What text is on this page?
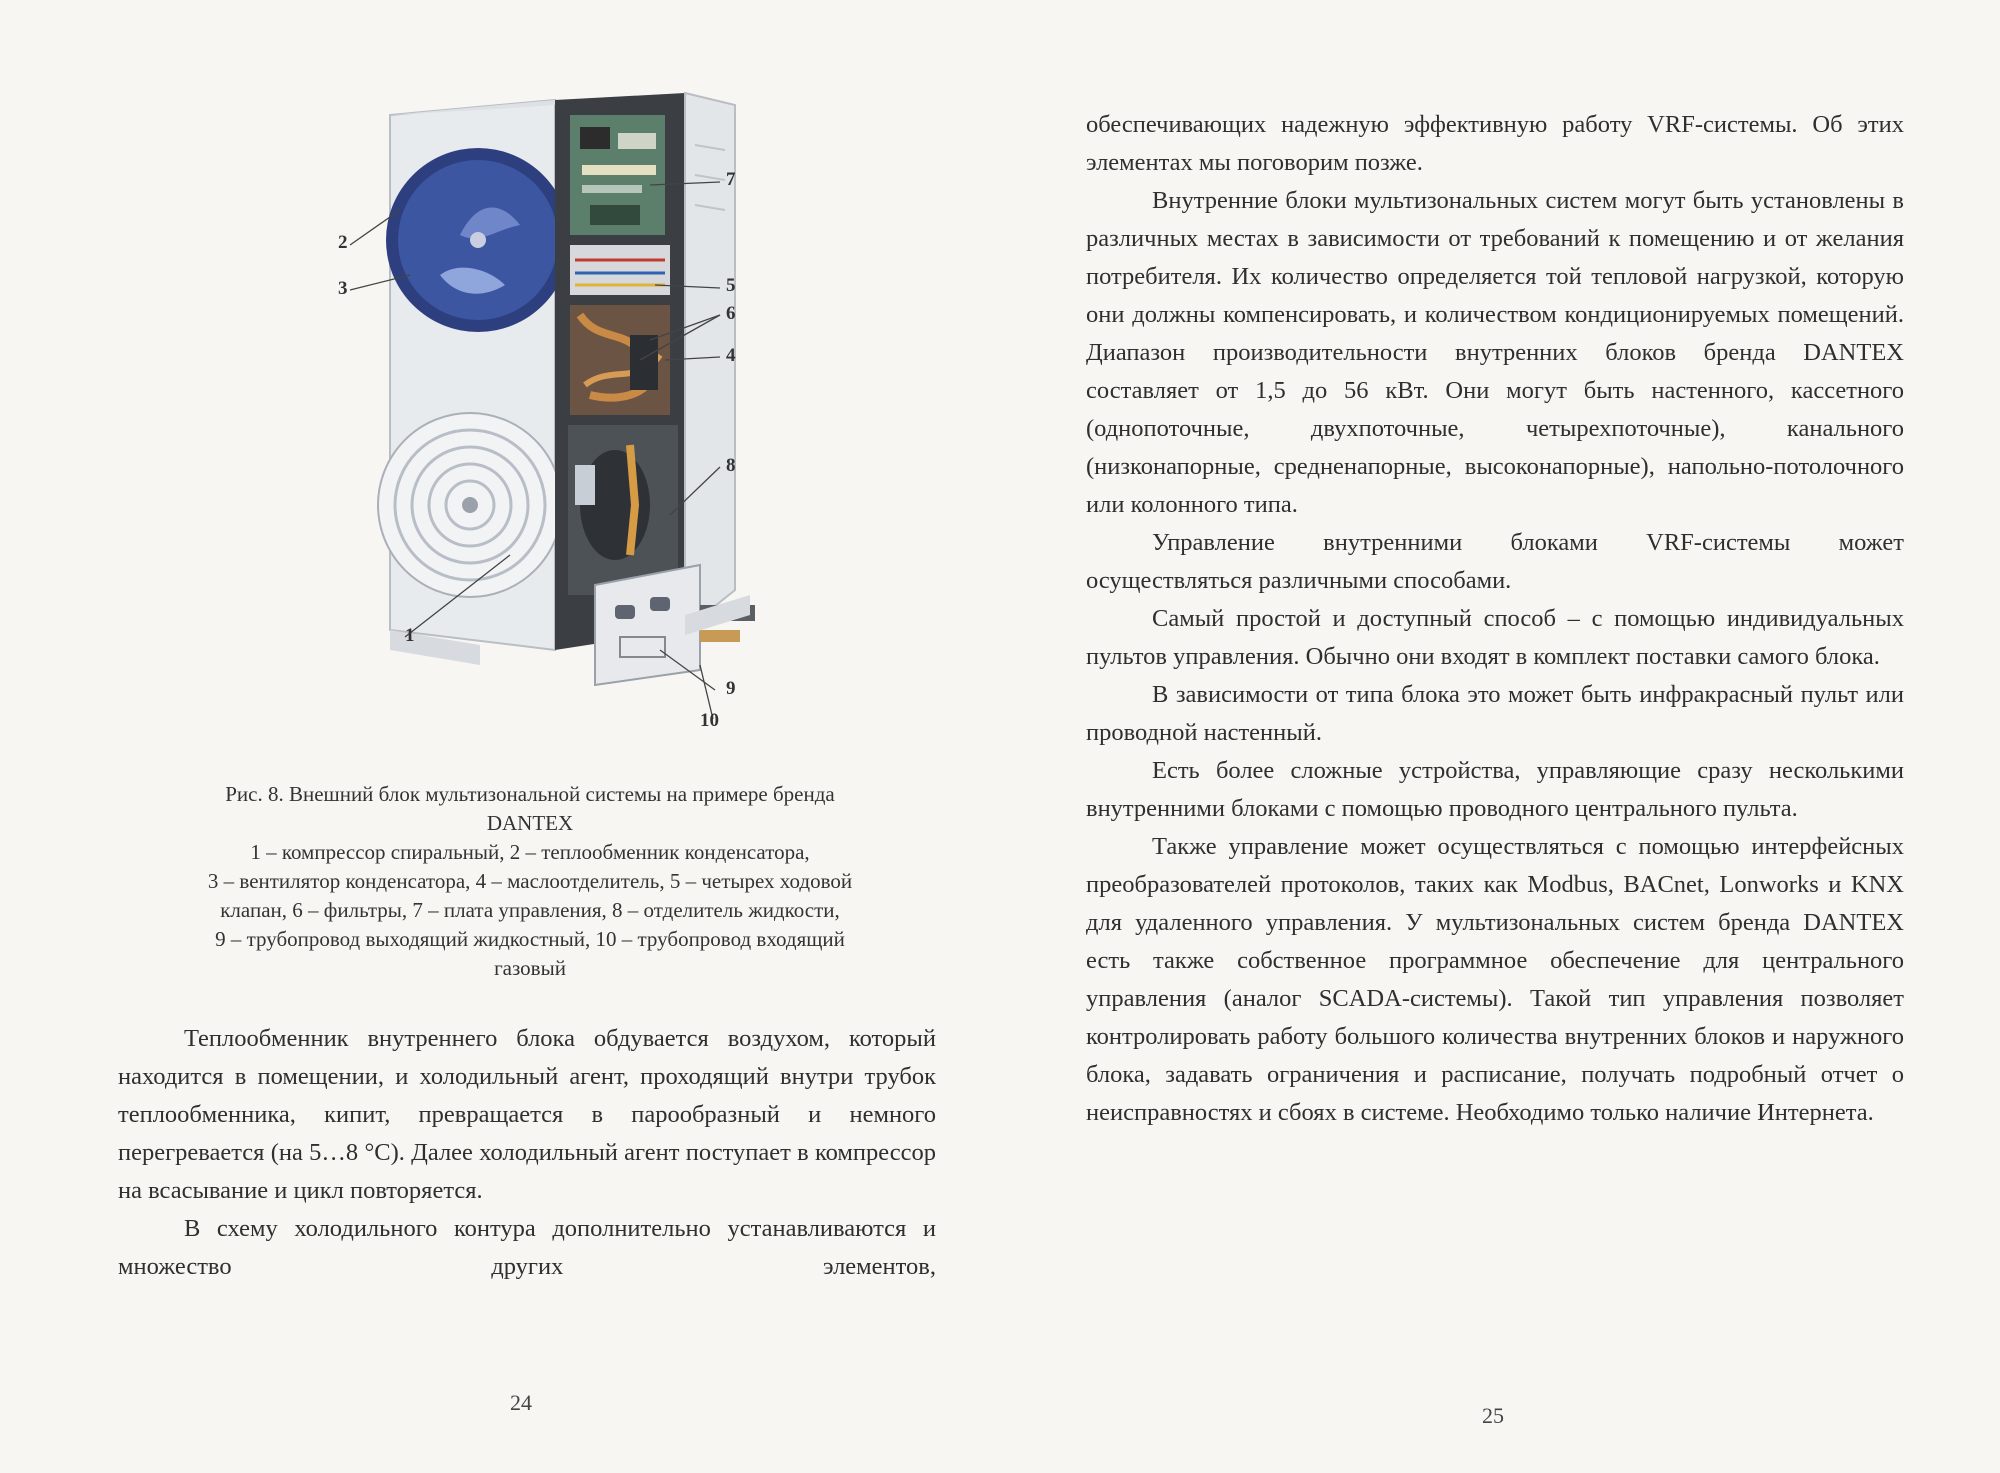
2
3
7
5
6
4
8
1
9
10

Рис. 8. Внешний блок мультизональной системы на примере бренда

DANTEX

1 – компрессор спиральный, 2 – теплообменник конденсатора,

3 – вентилятор конденсатора, 4 – маслоотделитель, 5 – четырех ходовой

клапан, 6 – фильтры, 7 – плата управления, 8 – отделитель жидкости,

9 – трубопровод выходящий жидкостный, 10 – трубопровод входящий

газовый

Теплообменник внутреннего блока обдувается воздухом, который находится в помещении, и холодильный агент, проходящий внутри трубок теплообменника, кипит, превращается в парообразный и немного перегревается (на 5…8 °С). Далее холодильный агент поступает в компрессор на всасывание и цикл повторяется.

В схему холодильного контура дополнительно устанавливаются и множество других элементов,

24

обеспечивающих надежную эффективную работу VRF-системы. Об этих элементах мы поговорим позже.

Внутренние блоки мультизональных систем могут быть установлены в различных местах в зависимости от требований к помещению и от желания потребителя. Их количество определяется той тепловой нагрузкой, которую они должны компенсировать, и количеством кондиционируемых помещений. Диапазон производительности внутренних блоков бренда DANTEX составляет от 1,5 до 56 кВт. Они могут быть настенного, кассетного (однопоточные, двухпоточные, четырехпоточные), канального (низконапорные, средненапорные, высоконапорные), напольно-потолочного или колонного типа.

Управление внутренними блоками VRF-системы может осуществляться различными способами.

Самый простой и доступный способ – с помощью индивидуальных пультов управления. Обычно они входят в комплект поставки самого блока.

В зависимости от типа блока это может быть инфракрасный пульт или проводной настенный.

Есть более сложные устройства, управляющие сразу несколькими внутренними блоками с помощью проводного центрального пульта.

Также управление может осуществляться с помощью интерфейсных преобразователей протоколов, таких как Modbus, BACnet, Lonworks и KNX для удаленного управления. У мультизональных систем бренда DANTEX есть также собственное программное обеспечение для центрального управления (аналог SCADA-системы). Такой тип управления позволяет контролировать работу большого количества внутренних блоков и наружного блока, задавать ограничения и расписание, получать подробный отчет о неисправностях и сбоях в системе. Необходимо только наличие Интернета.

25
